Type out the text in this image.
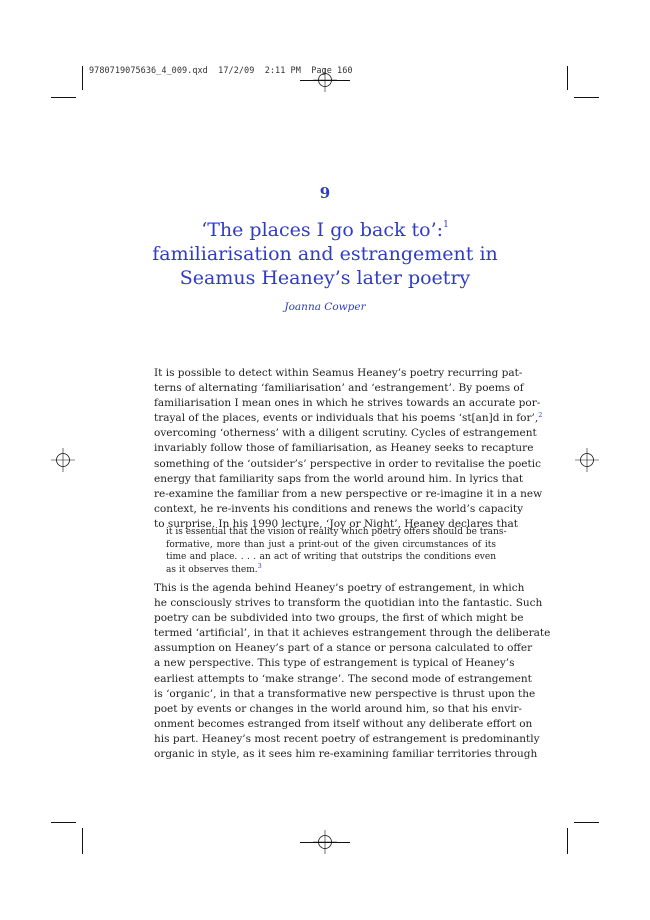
9780719075636_4_009.qxd  17/2/09  2:11 PM  Page 160
9
‘The places I go back to’:$^1$
familiarisation and estrangement in
Seamus Heaney’s later poetry
Joanna Cowper
It is possible to detect within Seamus Heaney’s poetry recurring pat-
terns of alternating ‘familiarisation’ and ‘estrangement’. By poems of
familiarisation I mean ones in which he strives towards an accurate por-
trayal of the places, events or individuals that his poems ‘st[an]d in for’,$^2$
overcoming ‘otherness’ with a diligent scrutiny. Cycles of estrangement
invariably follow those of familiarisation, as Heaney seeks to recapture
something of the ‘outsider’s’ perspective in order to revitalise the poetic
energy that familiarity saps from the world around him. In lyrics that
re-examine the familiar from a new perspective or re-imagine it in a new
context, he re-invents his conditions and renews the world’s capacity
to surprise. In his 1990 lecture, ‘Joy or Night’, Heaney declares that
it is essential that the vision of reality which poetry offers should be trans-
formative, more than just a print-out of the given circumstances of its
time and place. . . . an act of writing that outstrips the conditions even
as it observes them.$^3$
This is the agenda behind Heaney’s poetry of estrangement, in which
he consciously strives to transform the quotidian into the fantastic. Such
poetry can be subdivided into two groups, the first of which might be
termed ‘artificial’, in that it achieves estrangement through the deliberate
assumption on Heaney’s part of a stance or persona calculated to offer
a new perspective. This type of estrangement is typical of Heaney’s
earliest attempts to ‘make strange’. The second mode of estrangement
is ‘organic’, in that a transformative new perspective is thrust upon the
poet by events or changes in the world around him, so that his envir-
onment becomes estranged from itself without any deliberate effort on
his part. Heaney’s most recent poetry of estrangement is predominantly
organic in style, as it sees him re-examining familiar territories through
